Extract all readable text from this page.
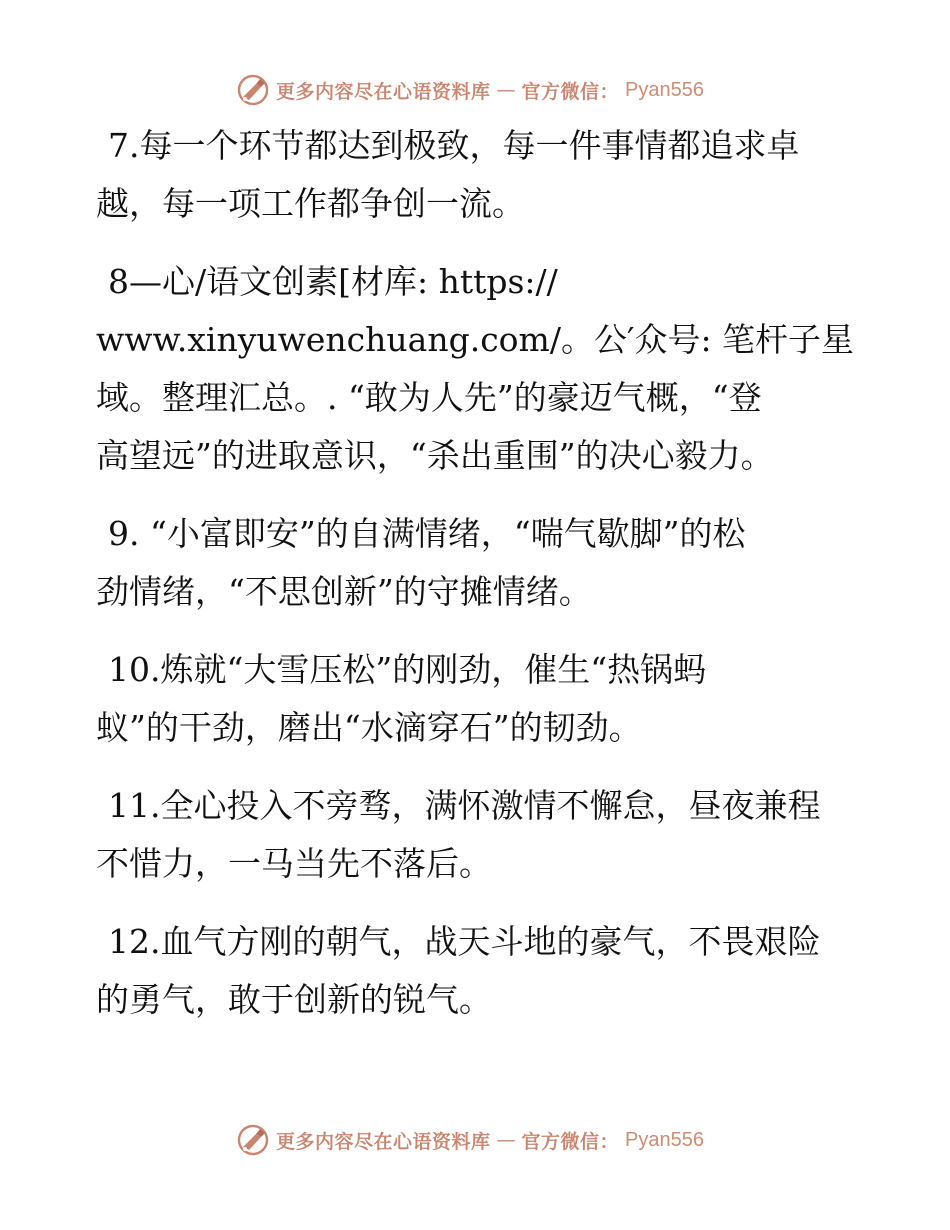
更多内容尽在心语资料库 — 官方微信： Pyan556

7.每一个环节都达到极致，每一件事情都追求卓
越，每一项工作都争创一流。

8—心/语文创素[材库: https://
www.xinyuwenchuang.com/。公′众号: 笔杆子星
域。整理汇总。. “敢为人先”的豪迈气概，“登
高望远”的进取意识，“杀出重围”的决心毅力。

9. “小富即安”的自满情绪，“喘气歇脚”的松
劲情绪，“不思创新”的守摊情绪。

10.炼就“大雪压松”的刚劲，催生“热锅蚂
蚁”的干劲，磨出“水滴穿石”的韧劲。

11.全心投入不旁骛，满怀激情不懈怠，昼夜兼程
不惜力，一马当先不落后。

12.血气方刚的朝气，战天斗地的豪气，不畏艰险
的勇气，敢于创新的锐气。

更多内容尽在心语资料库 — 官方微信： Pyan556
